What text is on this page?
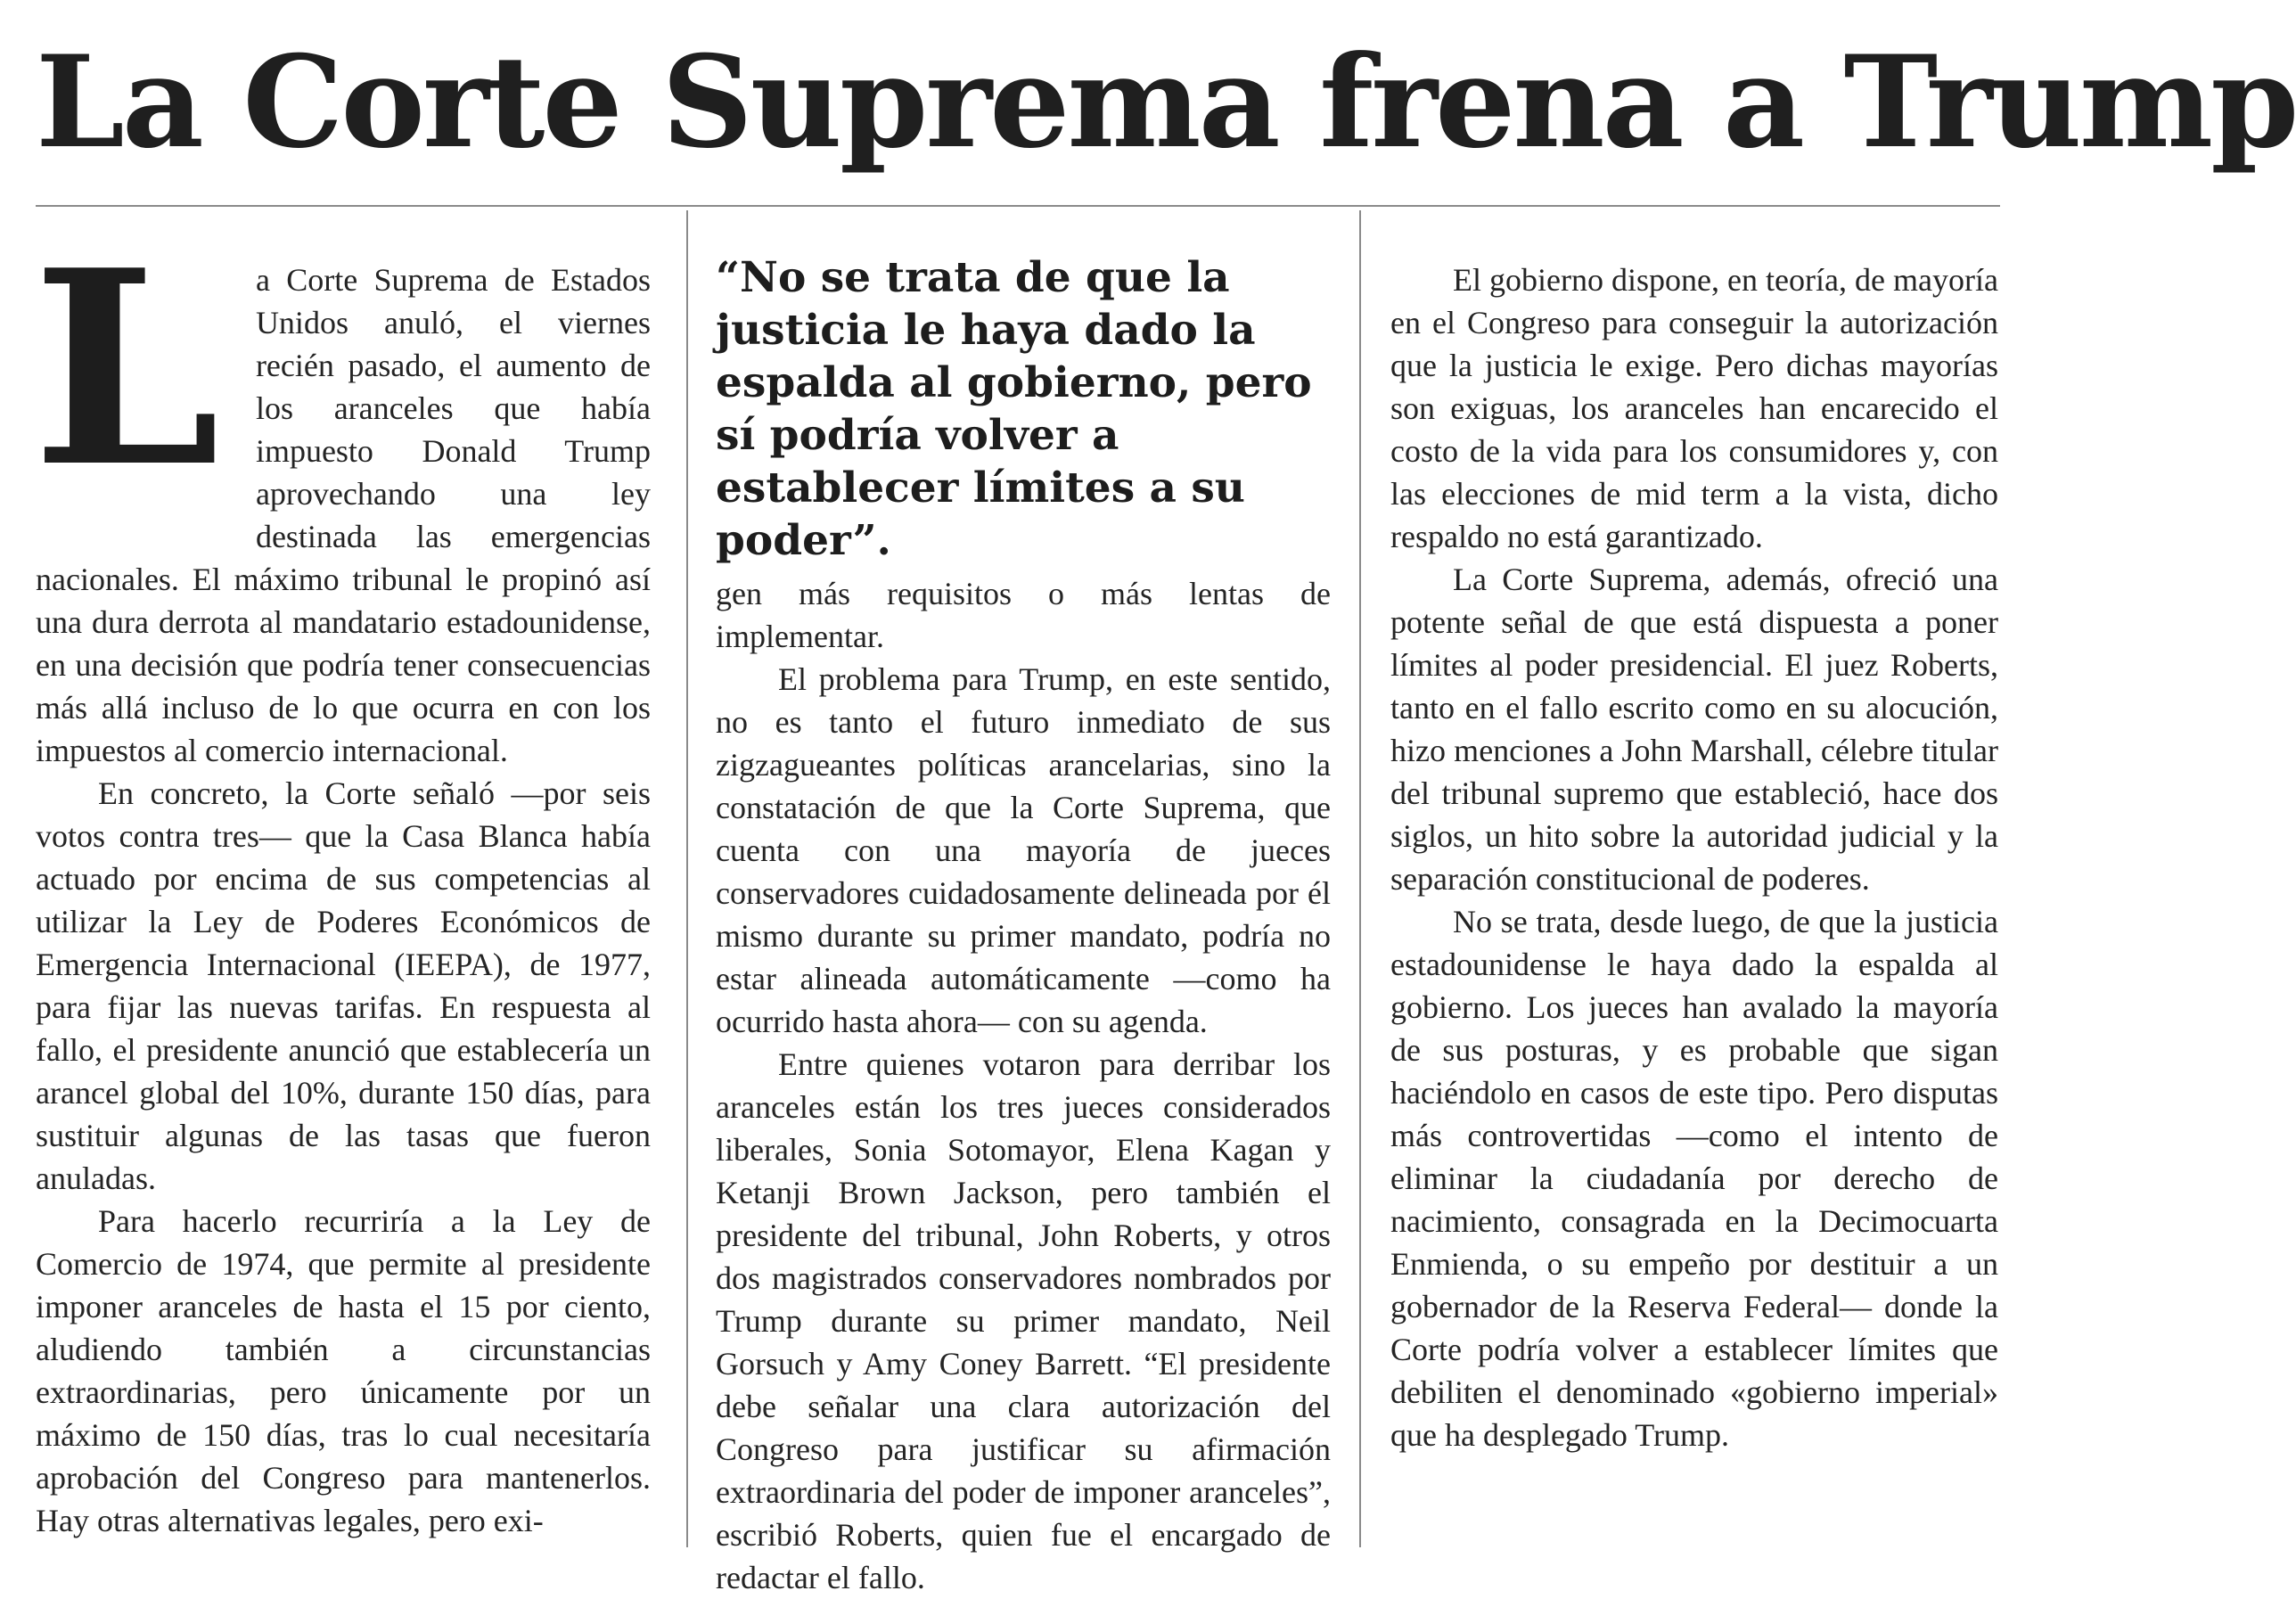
La Corte Suprema frena a Trump

L a Corte Suprema de Estados Unidos anuló, el viernes recién pasado, el aumento de los aranceles que había impuesto Donald Trump aprovechando una ley destinada las emergencias nacionales. El máximo tribunal le propinó así una dura derrota al mandatario estadounidense, en una decisión que podría tener consecuencias más allá incluso de lo que ocurra en con los impuestos al comercio internacional.

En concreto, la Corte señaló —por seis votos contra tres— que la Casa Blanca había actuado por encima de sus competencias al utilizar la Ley de Poderes Económicos de Emergencia Internacional (IEEPA), de 1977, para fijar las nuevas tarifas. En respuesta al fallo, el presidente anunció que establecería un arancel global del 10%, durante 150 días, para sustituir algunas de las tasas que fueron anuladas.

Para hacerlo recurriría a la Ley de Comercio de 1974, que permite al presidente imponer aranceles de hasta el 15 por ciento, aludiendo también a circunstancias extraordinarias, pero únicamente por un máximo de 150 días, tras lo cual necesitaría aprobación del Congreso para mantenerlos. Hay otras alternativas legales, pero exi-

“No se trata de que la justicia le haya dado la espalda al gobierno, pero sí podría volver a establecer límites a su poder”.

gen más requisitos o más lentas de implementar.

El problema para Trump, en este sentido, no es tanto el futuro inmediato de sus zigzagueantes políticas arancelarias, sino la constatación de que la Corte Suprema, que cuenta con una mayoría de jueces conservadores cuidadosamente delineada por él mismo durante su primer mandato, podría no estar alineada automáticamente —como ha ocurrido hasta ahora— con su agenda.

Entre quienes votaron para derribar los aranceles están los tres jueces considerados liberales, Sonia Sotomayor, Elena Kagan y Ketanji Brown Jackson, pero también el presidente del tribunal, John Roberts, y otros dos magistrados conservadores nombrados por Trump durante su primer mandato, Neil Gorsuch y Amy Coney Barrett. “El presidente debe señalar una clara autorización del Congreso para justificar su afirmación extraordinaria del poder de imponer aranceles”, escribió Roberts, quien fue el encargado de redactar el fallo.

El gobierno dispone, en teoría, de mayoría en el Congreso para conseguir la autorización que la justicia le exige. Pero dichas mayorías son exiguas, los aranceles han encarecido el costo de la vida para los consumidores y, con las elecciones de mid term a la vista, dicho respaldo no está garantizado.

La Corte Suprema, además, ofreció una potente señal de que está dispuesta a poner límites al poder presidencial. El juez Roberts, tanto en el fallo escrito como en su alocución, hizo menciones a John Marshall, célebre titular del tribunal supremo que estableció, hace dos siglos, un hito sobre la autoridad judicial y la separación constitucional de poderes.

No se trata, desde luego, de que la justicia estadounidense le haya dado la espalda al gobierno. Los jueces han avalado la mayoría de sus posturas, y es probable que sigan haciéndolo en casos de este tipo. Pero disputas más controvertidas —como el intento de eliminar la ciudadanía por derecho de nacimiento, consagrada en la Decimocuarta Enmienda, o su empeño por destituir a un gobernador de la Reserva Federal— donde la Corte podría volver a establecer límites que debiliten el denominado «gobierno imperial» que ha desplegado Trump.
